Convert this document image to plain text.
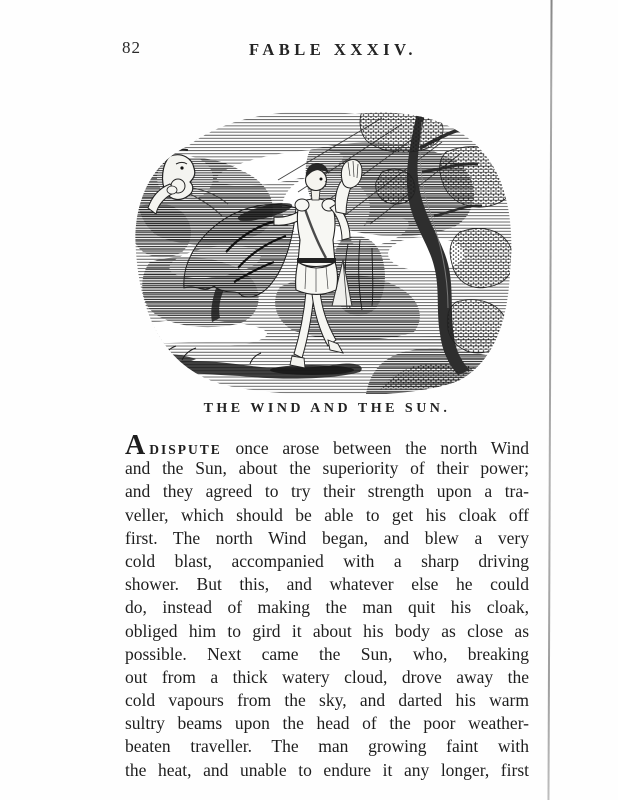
82	FABLE XXXIV.
THE WIND AND THE SUN.
ADISPUTE once arose between the north Wind
and the Sun, about the superiority of their power;
and they agreed to try their strength upon a tra-
veller, which should be able to get his cloak off
first. The north Wind began, and blew a very
cold blast, accompanied with a sharp driving
shower. But this, and whatever else he could
do, instead of making the man quit his cloak,
obliged him to gird it about his body as close as
possible. Next came the Sun, who, breaking
out from a thick watery cloud, drove away the
cold vapours from the sky, and darted his warm
sultry beams upon the head of the poor weather-
beaten traveller. The man growing faint with
the heat, and unable to endure it any longer, first
